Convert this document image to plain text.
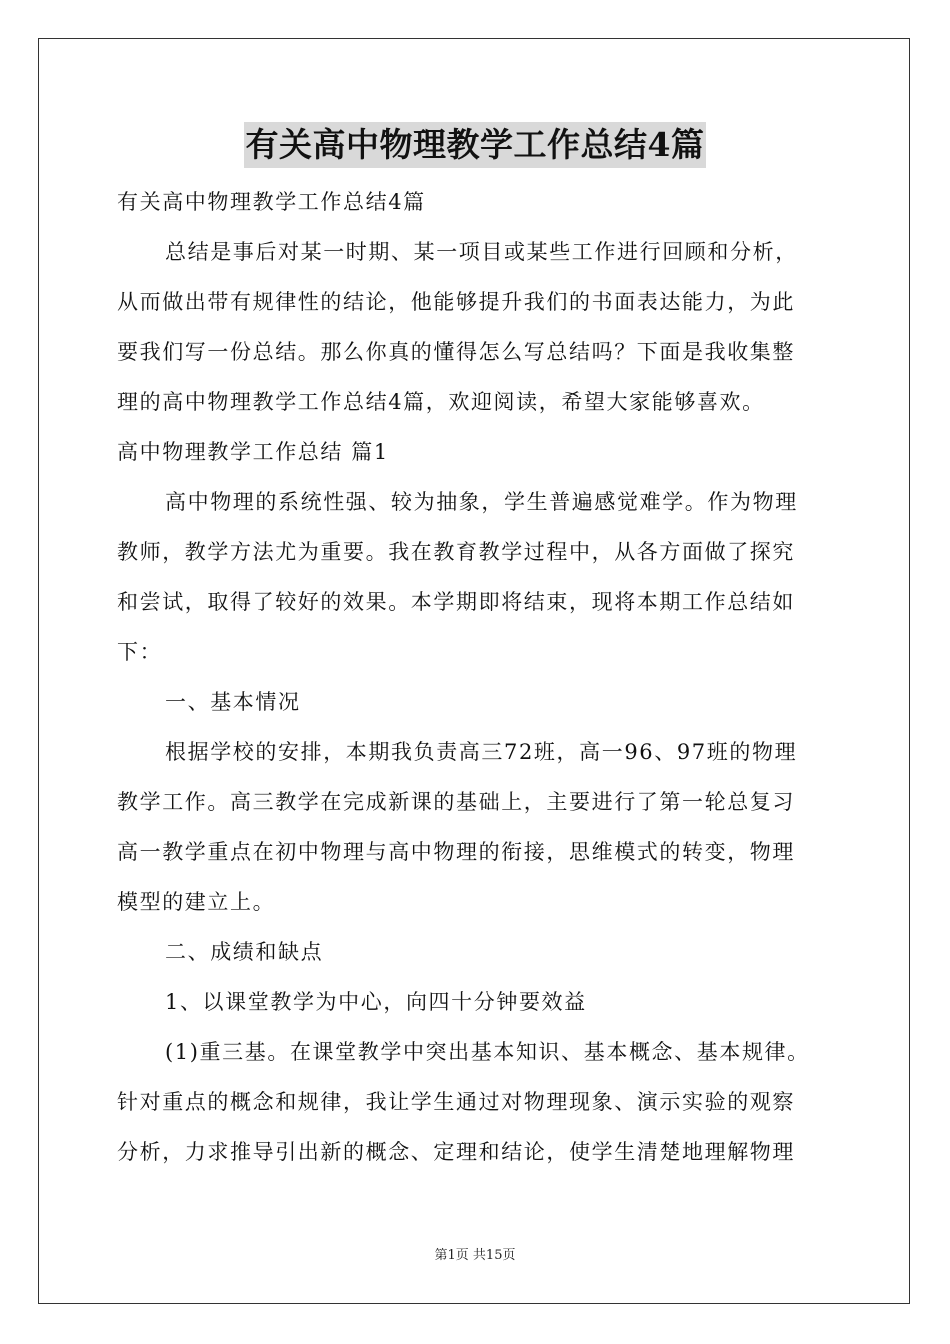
有关高中物理教学工作总结4篇
有关高中物理教学工作总结4篇
总结是事后对某一时期、某一项目或某些工作进行回顾和分析，
从而做出带有规律性的结论，他能够提升我们的书面表达能力，为此
要我们写一份总结。那么你真的懂得怎么写总结吗？下面是我收集整
理的高中物理教学工作总结4篇，欢迎阅读，希望大家能够喜欢。
高中物理教学工作总结 篇1
高中物理的系统性强、较为抽象，学生普遍感觉难学。作为物理
教师，教学方法尤为重要。我在教育教学过程中，从各方面做了探究
和尝试，取得了较好的效果。本学期即将结束，现将本期工作总结如
下：
一、基本情况
根据学校的安排，本期我负责高三72班，高一96、97班的物理
教学工作。高三教学在完成新课的基础上，主要进行了第一轮总复习
高一教学重点在初中物理与高中物理的衔接，思维模式的转变，物理
模型的建立上。
二、成绩和缺点
1、以课堂教学为中心，向四十分钟要效益
(1)重三基。在课堂教学中突出基本知识、基本概念、基本规律。
针对重点的概念和规律，我让学生通过对物理现象、演示实验的观察
分析，力求推导引出新的概念、定理和结论，使学生清楚地理解物理
第1页 共15页
